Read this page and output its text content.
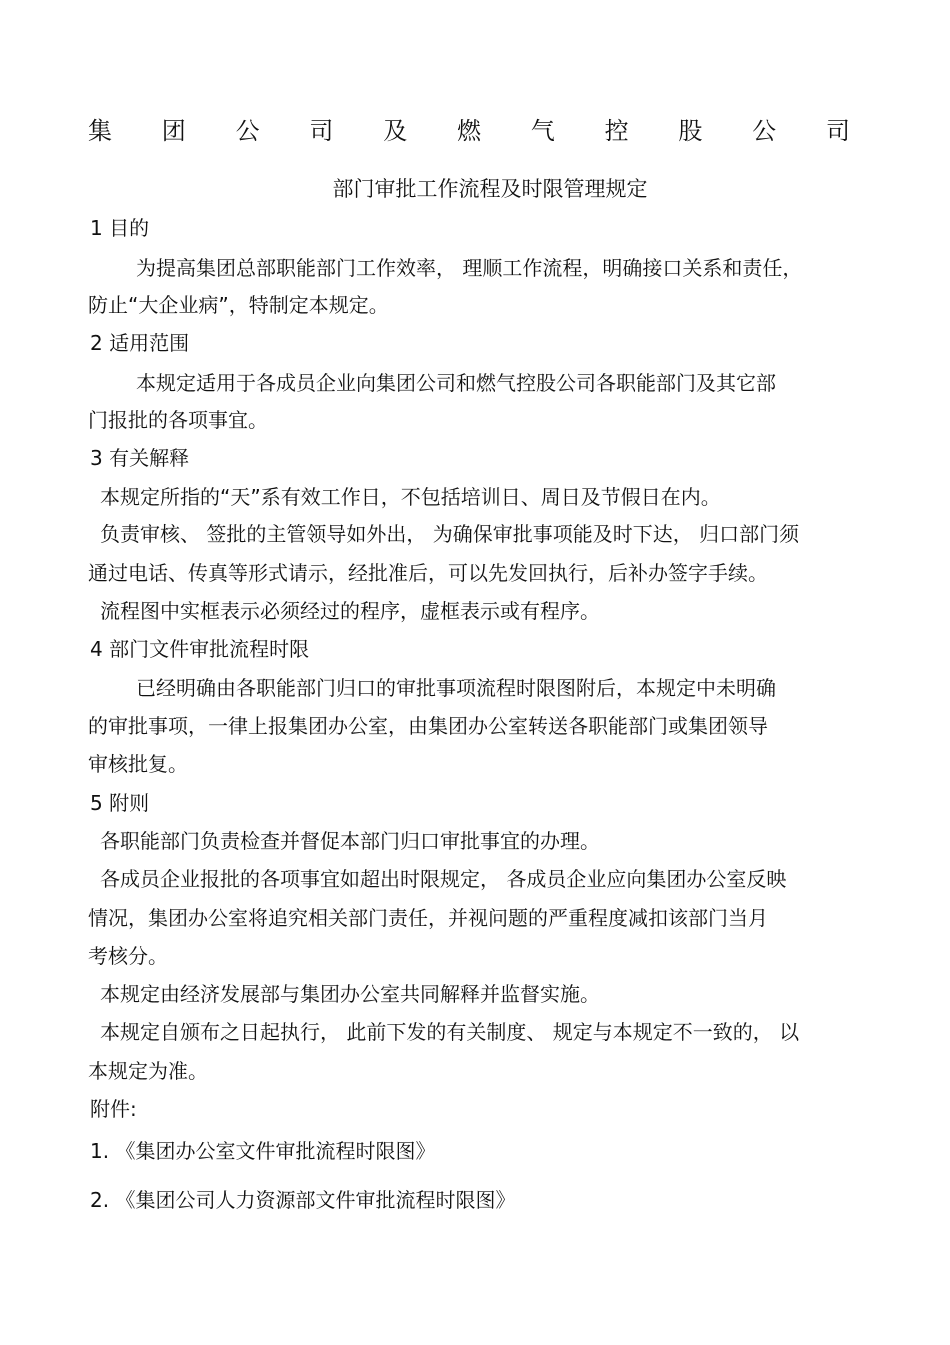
集 团 公 司 及 燃 气 控 股 公 司
部门审批工作流程及时限管理规定
1 目的
为提高集团总部职能部门工作效率， 理顺工作流程，明确接口关系和责任，
防止“大企业病”，特制定本规定。
2 适用范围
本规定适用于各成员企业向集团公司和燃气控股公司各职能部门及其它部
门报批的各项事宜。
3 有关解释
本规定所指的“天”系有效工作日，不包括培训日、周日及节假日在内。
负责审核、 签批的主管领导如外出， 为确保审批事项能及时下达， 归口部门须
通过电话、传真等形式请示，经批准后，可以先发回执行，后补办签字手续。
流程图中实框表示必须经过的程序，虚框表示或有程序。
4 部门文件审批流程时限
已经明确由各职能部门归口的审批事项流程时限图附后，本规定中未明确
的审批事项，一律上报集团办公室，由集团办公室转送各职能部门或集团领导
审核批复。
5 附则
各职能部门负责检查并督促本部门归口审批事宜的办理。
各成员企业报批的各项事宜如超出时限规定， 各成员企业应向集团办公室反映
情况，集团办公室将追究相关部门责任，并视问题的严重程度减扣该部门当月
考核分。
本规定由经济发展部与集团办公室共同解释并监督实施。
本规定自颁布之日起执行， 此前下发的有关制度、 规定与本规定不一致的， 以
本规定为准。
附件:
1. 《集团办公室文件审批流程时限图》
2. 《集团公司人力资源部文件审批流程时限图》
